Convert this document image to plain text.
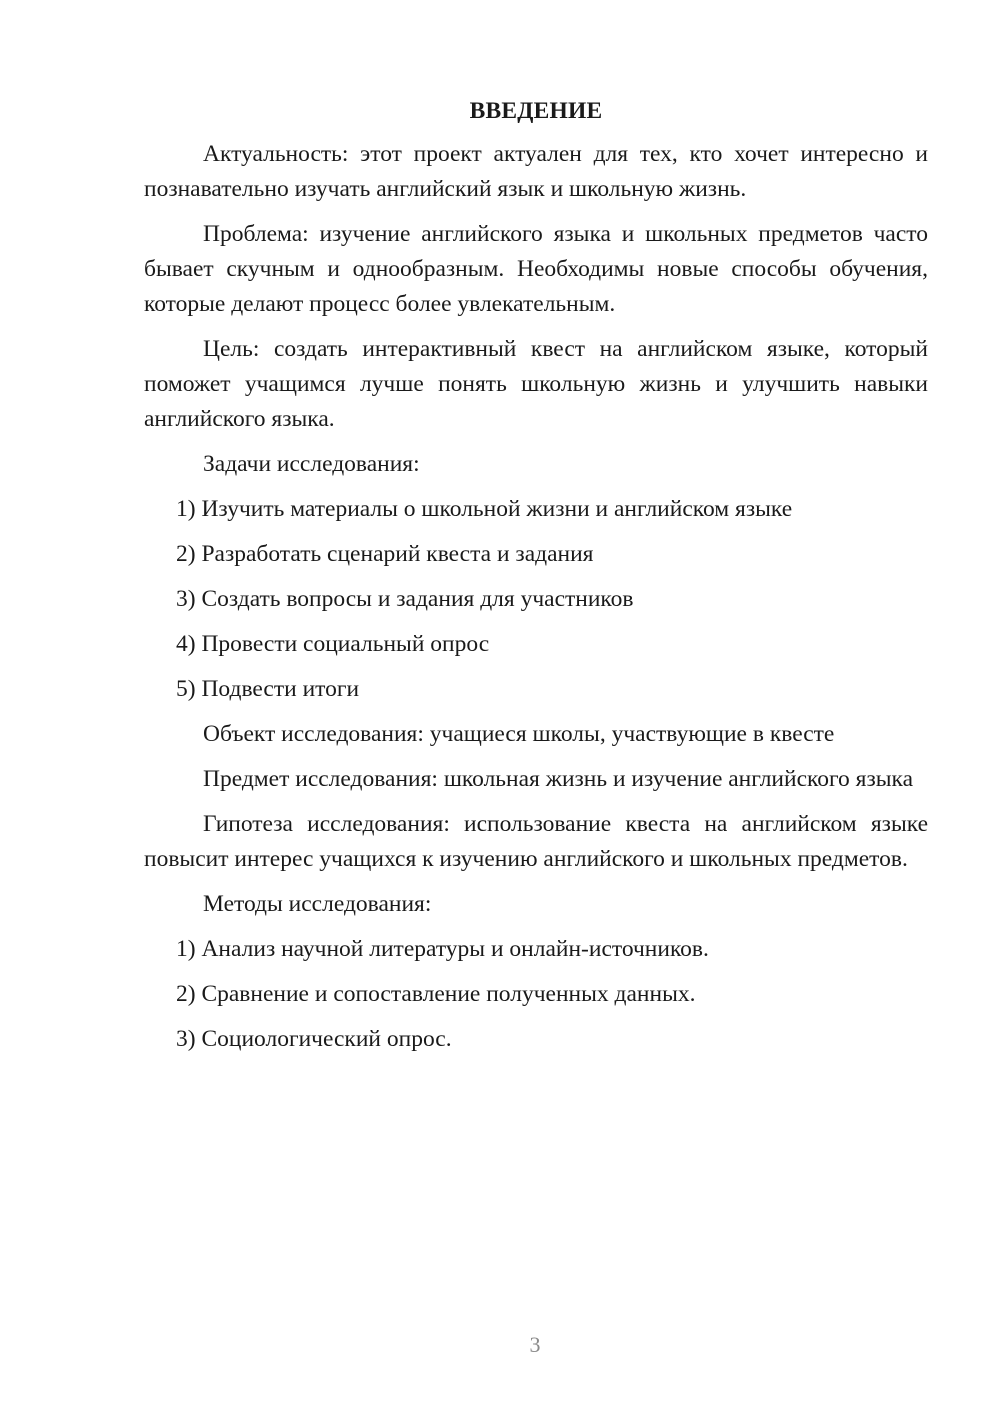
ВВЕДЕНИЕ
Актуальность: этот проект актуален для тех, кто хочет интересно и познавательно изучать английский язык и школьную жизнь.
Проблема: изучение английского языка и школьных предметов часто бывает скучным и однообразным. Необходимы новые способы обучения, которые делают процесс более увлекательным.
Цель: создать интерактивный квест на английском языке, который поможет учащимся лучше понять школьную жизнь и улучшить навыки английского языка.
Задачи исследования:
1) Изучить материалы о школьной жизни и английском языке
2) Разработать сценарий квеста и задания
3) Создать вопросы и задания для участников
4) Провести социальный опрос
5) Подвести итоги
Объект исследования: учащиеся школы, участвующие в квесте
Предмет исследования: школьная жизнь и изучение английского языка
Гипотеза исследования: использование квеста на английском языке повысит интерес учащихся к изучению английского и школьных предметов.
Методы исследования:
1) Анализ научной литературы и онлайн-источников.
2) Сравнение и сопоставление полученных данных.
3) Социологический опрос.
3
